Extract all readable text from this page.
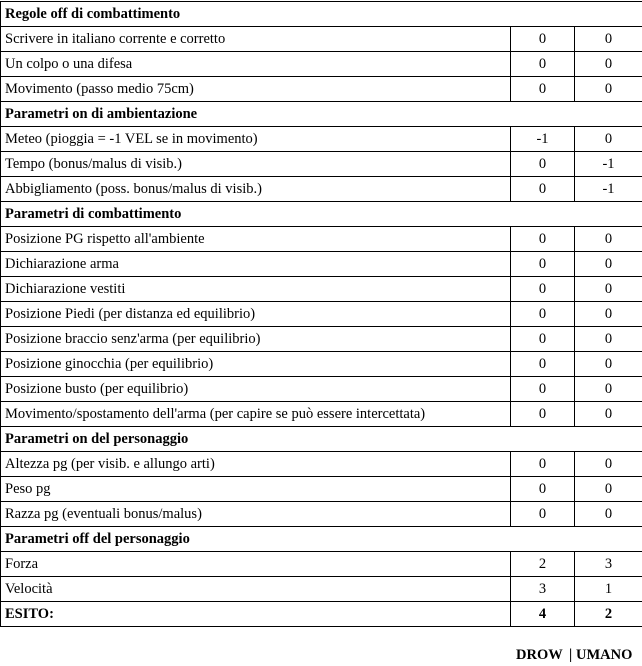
Regole off di combattimento		
Scrivere in italiano corrente e corretto	0	0
Un colpo o una difesa	0	0
Movimento (passo medio 75cm)	0	0
Parametri on di ambientazione		
Meteo (pioggia = -1 VEL se in movimento)	-1	0
Tempo (bonus/malus di visib.)	0	-1
Abbigliamento (poss. bonus/malus di visib.)	0	-1
Parametri di combattimento		
Posizione PG rispetto all'ambiente	0	0
Dichiarazione arma	0	0
Dichiarazione vestiti	0	0
Posizione Piedi (per distanza ed equilibrio)	0	0
Posizione braccio senz'arma (per equilibrio)	0	0
Posizione ginocchia (per equilibrio)	0	0
Posizione busto (per equilibrio)	0	0
Movimento/spostamento dell'arma (per capire se può essere intercettata)	0	0
Parametri on del personaggio		
Altezza pg (per visib. e allungo arti)	0	0
Peso pg	0	0
Razza pg (eventuali bonus/malus)	0	0
Parametri off del personaggio		
Forza	2	3
Velocità	3	1
ESITO:	4	2
DROW | UMANO
